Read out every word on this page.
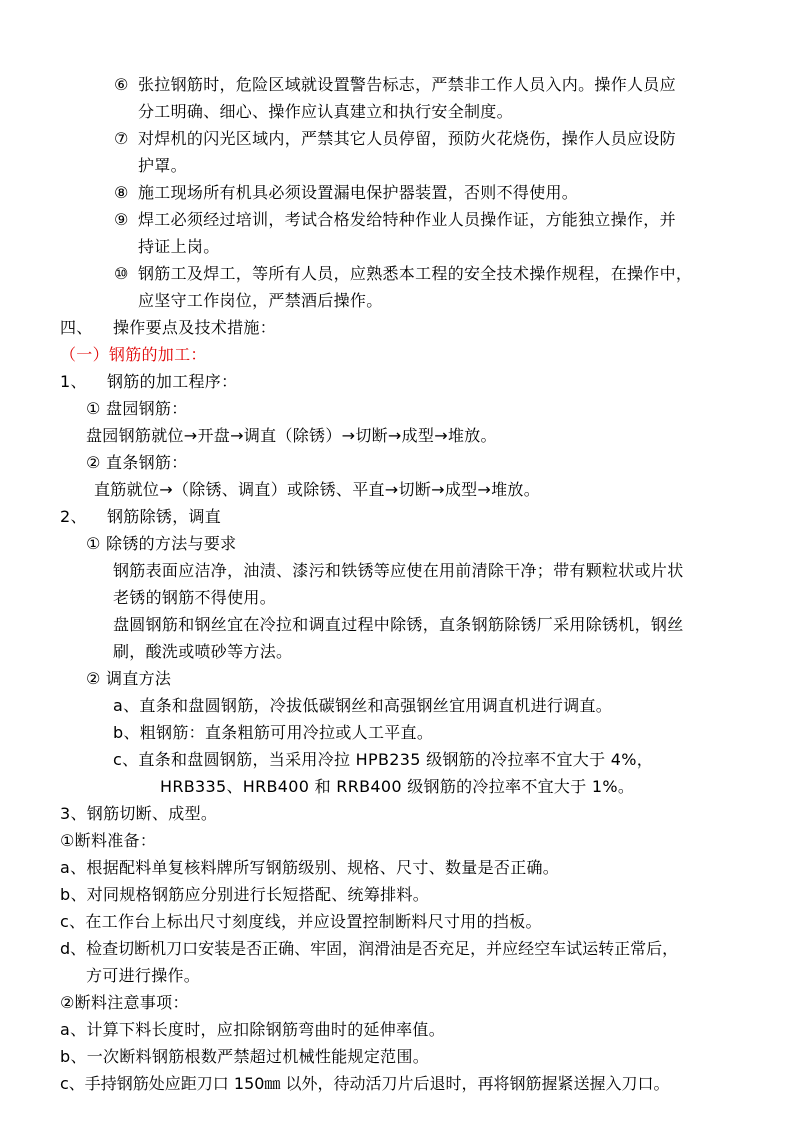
⑥ 张拉钢筋时，危险区域就设置警告标志，严禁非工作人员入内。操作人员应
分工明确、细心、操作应认真建立和执行安全制度。
⑦ 对焊机的闪光区域内，严禁其它人员停留，预防火花烧伤，操作人员应设防
护罩。
⑧ 施工现场所有机具必须设置漏电保护器装置，否则不得使用。
⑨ 焊工必须经过培训，考试合格发给特种作业人员操作证，方能独立操作，并
持证上岗。
⑩ 钢筋工及焊工，等所有人员，应熟悉本工程的安全技术操作规程，在操作中，
应坚守工作岗位，严禁酒后操作。
四、 操作要点及技术措施：
（一）钢筋的加工：
1、 钢筋的加工程序：
① 盘园钢筋：
盘园钢筋就位→开盘→调直（除锈）→切断→成型→堆放。
② 直条钢筋：
直筋就位→（除锈、调直）或除锈、平直→切断→成型→堆放。
2、 钢筋除锈，调直
① 除锈的方法与要求
钢筋表面应洁净，油渍、漆污和铁锈等应使在用前清除干净；带有颗粒状或片状
老锈的钢筋不得使用。
盘圆钢筋和钢丝宜在冷拉和调直过程中除锈，直条钢筋除锈厂采用除锈机，钢丝
刷，酸洗或喷砂等方法。
② 调直方法
a、直条和盘圆钢筋，冷拔低碳钢丝和高强钢丝宜用调直机进行调直。
b、粗钢筋：直条粗筋可用冷拉或人工平直。
c、直条和盘圆钢筋，当采用冷拉 HPB235 级钢筋的冷拉率不宜大于 4%，
HRB335、HRB400 和 RRB400 级钢筋的冷拉率不宜大于 1%。
3、钢筋切断、成型。
①断料准备：
a、根据配料单复核料牌所写钢筋级别、规格、尺寸、数量是否正确。
b、对同规格钢筋应分别进行长短搭配、统筹排料。
c、在工作台上标出尺寸刻度线，并应设置控制断料尺寸用的挡板。
d、检查切断机刀口安装是否正确、牢固，润滑油是否充足，并应经空车试运转正常后，
方可进行操作。
②断料注意事项：
a、计算下料长度时，应扣除钢筋弯曲时的延伸率值。
b、一次断料钢筋根数严禁超过机械性能规定范围。
c、手持钢筋处应距刀口 150㎜ 以外，待动活刀片后退时，再将钢筋握紧送握入刀口。
